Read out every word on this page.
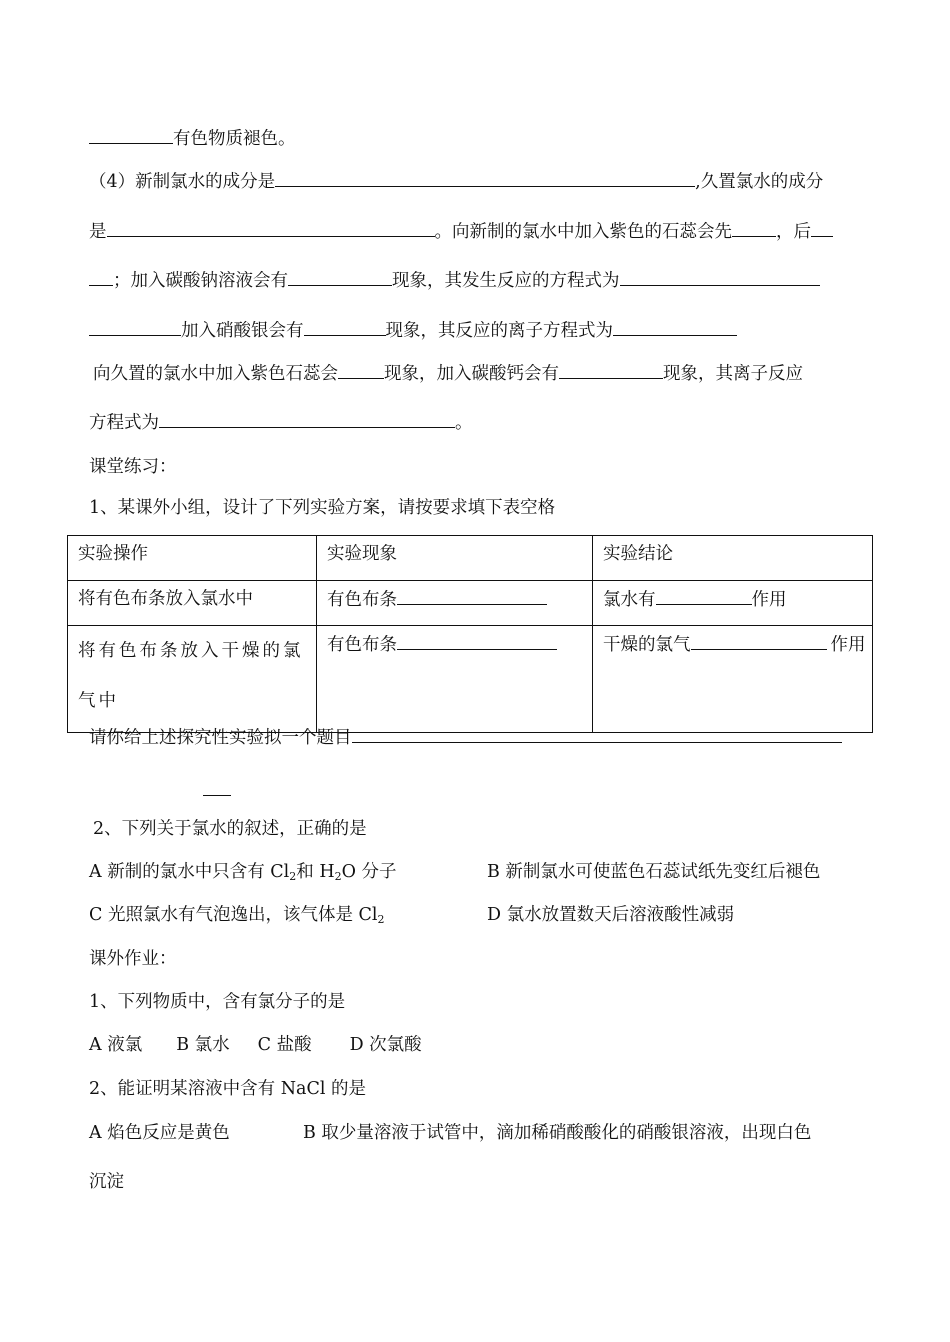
有色物质褪色。
（4）新制氯水的成分是	,久置氯水的成分
是	。向新制的氯水中加入紫色的石蕊会先	，后
；加入碳酸钠溶液会有	现象，其发生反应的方程式为
加入硝酸银会有	现象，其反应的离子方程式为
向久置的氯水中加入紫色石蕊会	现象，加入碳酸钙会有	现象，其离子反应
方程式为	。
课堂练习：
1、某课外小组，设计了下列实验方案，请按要求填下表空格
实验操作	实验现象	实验结论
将有色布条放入氯水中	有色布条	氯水有 作用

将有色布条放入干燥的氯气中	有色布条	干燥的氯气 作用
请你给上述探究性实验拟一个题目
2、下列关于氯水的叙述，正确的是
A 新制的氯水中只含有 $Cl_2$和 $H_2O$ 分子	B 新制氯水可使蓝色石蕊试纸先变红后褪色
C 光照氯水有气泡逸出，该气体是 $Cl_2$	D 氯水放置数天后溶液酸性减弱
课外作业：
1、下列物质中，含有氯分子的是
A 液氯 B 氯水 C 盐酸 D 次氯酸
2、能证明某溶液中含有 NaCl 的是
A 焰色反应是黄色	B 取少量溶液于试管中，滴加稀硝酸酸化的硝酸银溶液，出现白色
沉淀
